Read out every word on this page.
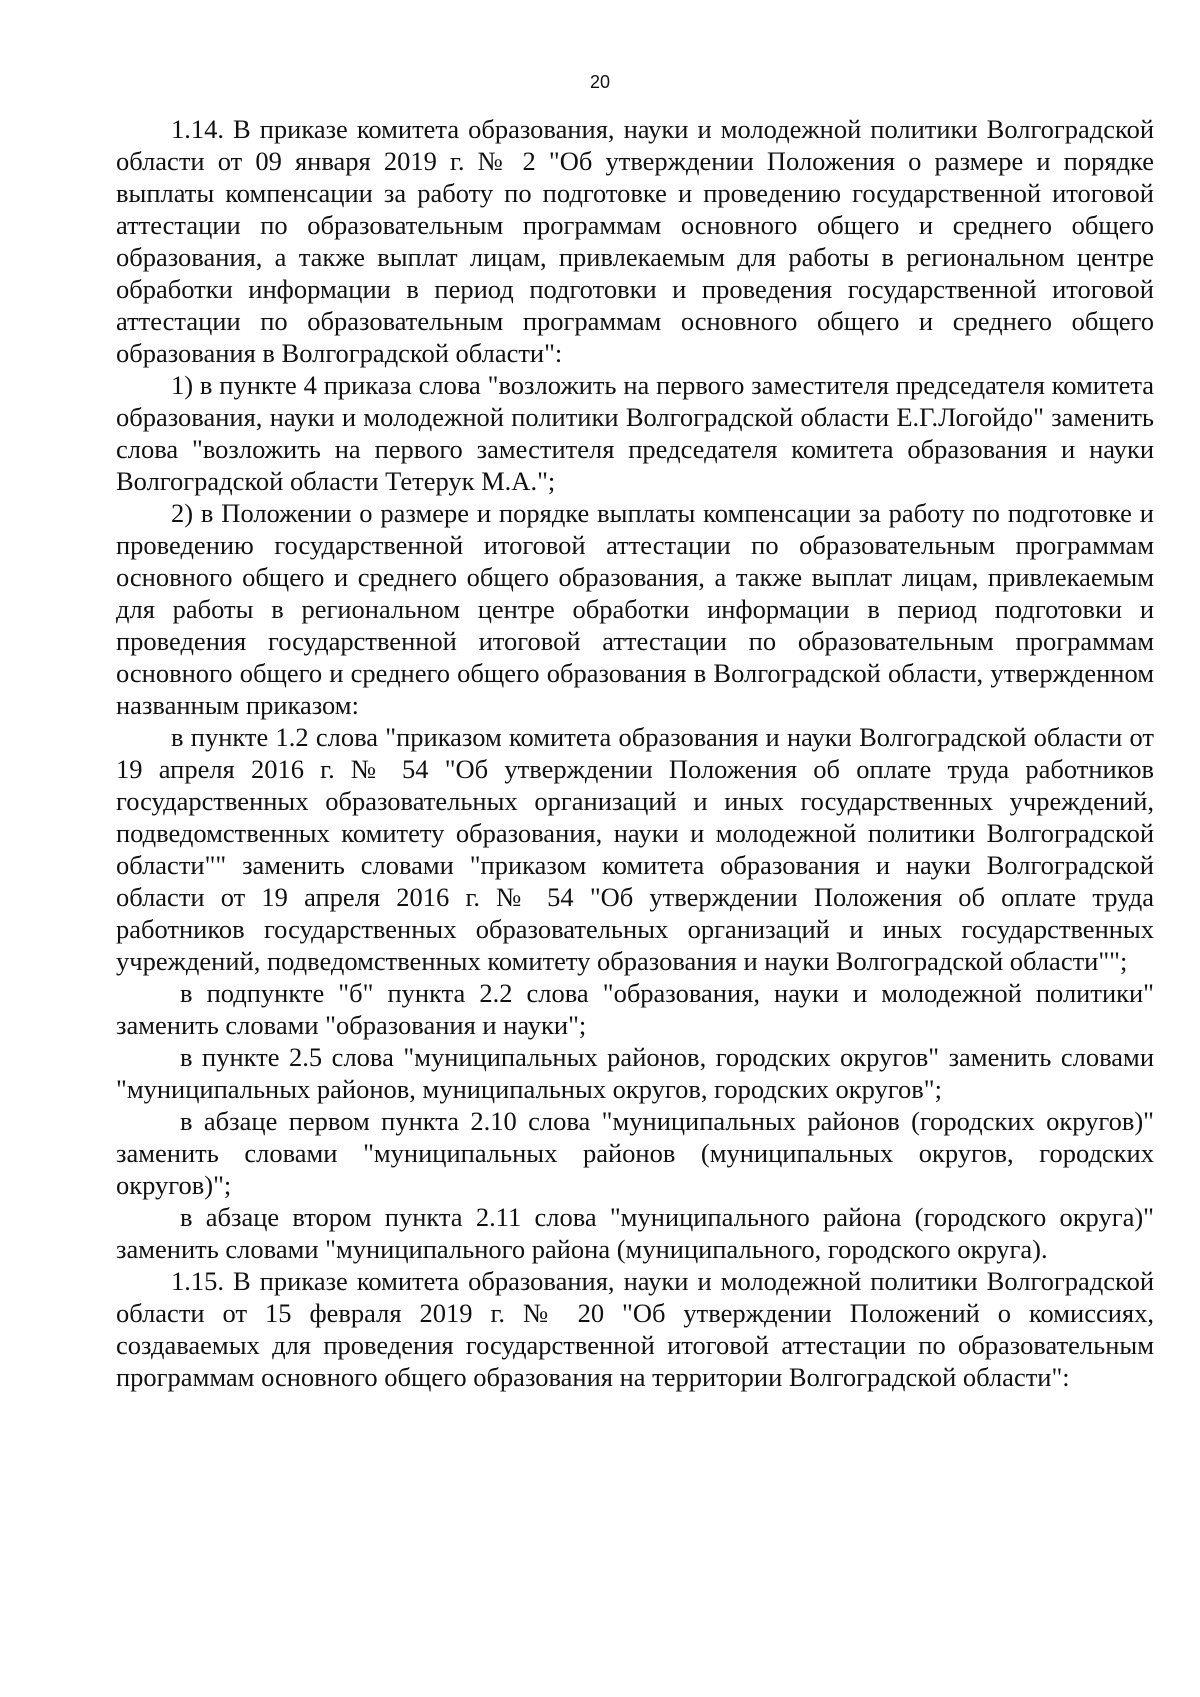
20

1.14. В приказе комитета образования, науки и молодежной политики Волгоградской области от 09 января 2019 г. № 2 "Об утверждении Положения о размере и порядке выплаты компенсации за работу по подготовке и проведению государственной итоговой аттестации по образовательным программам основного общего и среднего общего образования, а также выплат лицам, привлекаемым для работы в региональном центре обработки информации в период подготовки и проведения государственной итоговой аттестации по образовательным программам основного общего и среднего общего образования в Волгоградской области":

1) в пункте 4 приказа слова "возложить на первого заместителя председателя комитета образования, науки и молодежной политики Волгоградской области Е.Г.Логойдо" заменить слова "возложить на первого заместителя председателя комитета образования и науки Волгоградской области Тетерук М.А.";

2) в Положении о размере и порядке выплаты компенсации за работу по подготовке и проведению государственной итоговой аттестации по образовательным программам основного общего и среднего общего образования, а также выплат лицам, привлекаемым для работы в региональном центре обработки информации в период подготовки и проведения государственной итоговой аттестации по образовательным программам основного общего и среднего общего образования в Волгоградской области, утвержденном названным приказом:

в пункте 1.2 слова "приказом комитета образования и науки Волгоградской области от 19 апреля 2016 г. № 54 "Об утверждении Положения об оплате труда работников государственных образовательных организаций и иных государственных учреждений, подведомственных комитету образования, науки и молодежной политики Волгоградской области"" заменить словами "приказом комитета образования и науки Волгоградской области от 19 апреля 2016 г. № 54 "Об утверждении Положения об оплате труда работников государственных образовательных организаций и иных государственных учреждений, подведомственных комитету образования и науки Волгоградской области"";

в подпункте "б" пункта 2.2 слова "образования, науки и молодежной политики" заменить словами "образования и науки";

в пункте 2.5 слова "муниципальных районов, городских округов" заменить словами "муниципальных районов, муниципальных округов, городских округов";

в абзаце первом пункта 2.10 слова "муниципальных районов (городских округов)" заменить словами "муниципальных районов (муниципальных округов, городских округов)";

в абзаце втором пункта 2.11 слова "муниципального района (городского округа)" заменить словами "муниципального района (муниципального, городского округа).

1.15. В приказе комитета образования, науки и молодежной политики Волгоградской области от 15 февраля 2019 г. № 20 "Об утверждении Положений о комиссиях, создаваемых для проведения государственной итоговой аттестации по образовательным программам основного общего образования на территории Волгоградской области":
